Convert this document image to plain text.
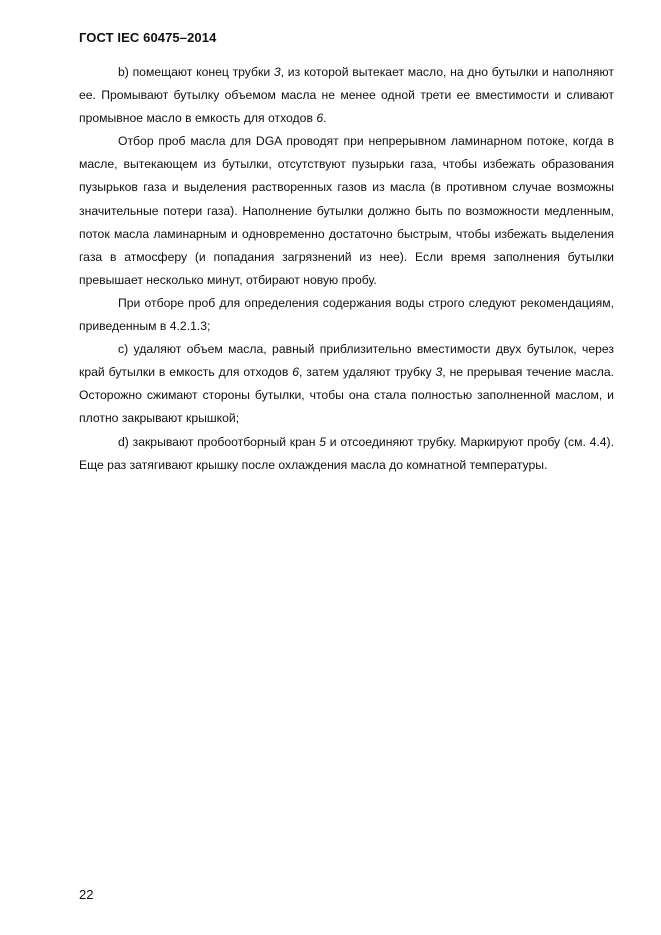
ГОСТ IEC 60475–2014

b) помещают конец трубки 3, из которой вытекает масло, на дно бутылки и наполняют ее. Промывают бутылку объемом масла не менее одной трети ее вместимости и сливают промывное масло в емкость для отходов 6.

Отбор проб масла для DGA проводят при непрерывном ламинарном потоке, когда в масле, вытекающем из бутылки, отсутствуют пузырьки газа, чтобы избежать образования пузырьков газа и выделения растворенных газов из масла (в противном случае возможны значительные потери газа). Наполнение бутылки должно быть по возможности медленным, поток масла ламинарным и одновременно достаточно быстрым, чтобы избежать выделения газа в атмосферу (и попадания загрязнений из нее). Если время заполнения бутылки превышает несколько минут, отбирают новую пробу.

При отборе проб для определения содержания воды строго следуют рекомендациям, приведенным в 4.2.1.3;

c) удаляют объем масла, равный приблизительно вместимости двух бутылок, через край бутылки в емкость для отходов 6, затем удаляют трубку 3, не прерывая течение масла. Осторожно сжимают стороны бутылки, чтобы она стала полностью заполненной маслом, и плотно закрывают крышкой;

d) закрывают пробоотборный кран 5 и отсоединяют трубку. Маркируют пробу (см. 4.4). Еще раз затягивают крышку после охлаждения масла до комнатной температуры.

22
